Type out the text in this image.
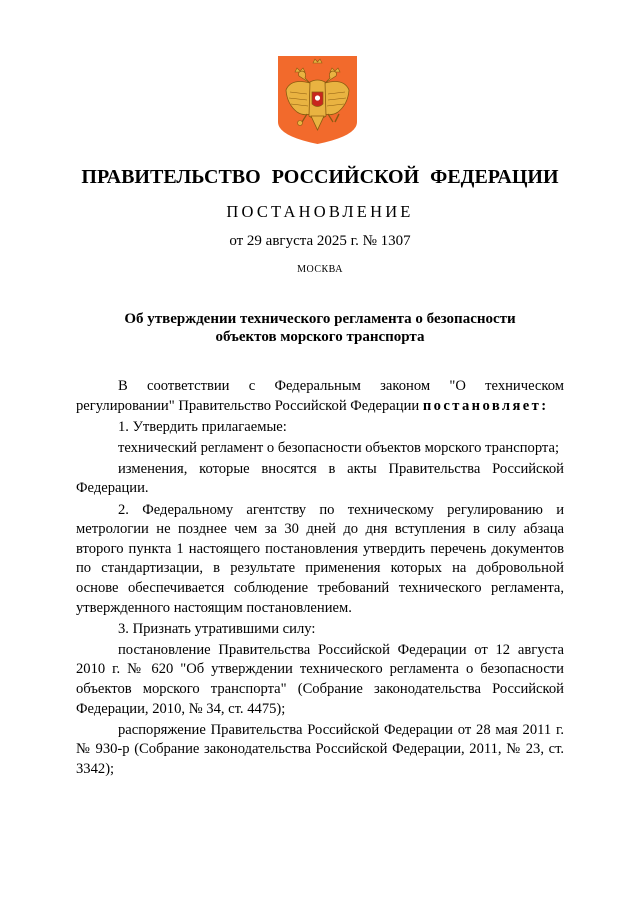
ПРАВИТЕЛЬСТВО РОССИЙСКОЙ ФЕДЕРАЦИИ
ПОСТАНОВЛЕНИЕ
от 29 августа 2025 г. № 1307
МОСКВА
Об утверждении технического регламента о безопасности
объектов морского транспорта

В соответствии с Федеральным законом "О техническом регулировании" Правительство Российской Федерации постановляет:

1. Утвердить прилагаемые:

технический регламент о безопасности объектов морского транспорта;

изменения, которые вносятся в акты Правительства Российской Федерации.

2. Федеральному агентству по техническому регулированию и метрологии не позднее чем за 30 дней до дня вступления в силу абзаца второго пункта 1 настоящего постановления утвердить перечень документов по стандартизации, в результате применения которых на добровольной основе обеспечивается соблюдение требований технического регламента, утвержденного настоящим постановлением.

3. Признать утратившими силу:

постановление Правительства Российской Федерации от 12 августа 2010 г. № 620 "Об утверждении технического регламента о безопасности объектов морского транспорта" (Собрание законодательства Российской Федерации, 2010, № 34, ст. 4475);

распоряжение Правительства Российской Федерации от 28 мая 2011 г. № 930-р (Собрание законодательства Российской Федерации, 2011, № 23, ст. 3342);
